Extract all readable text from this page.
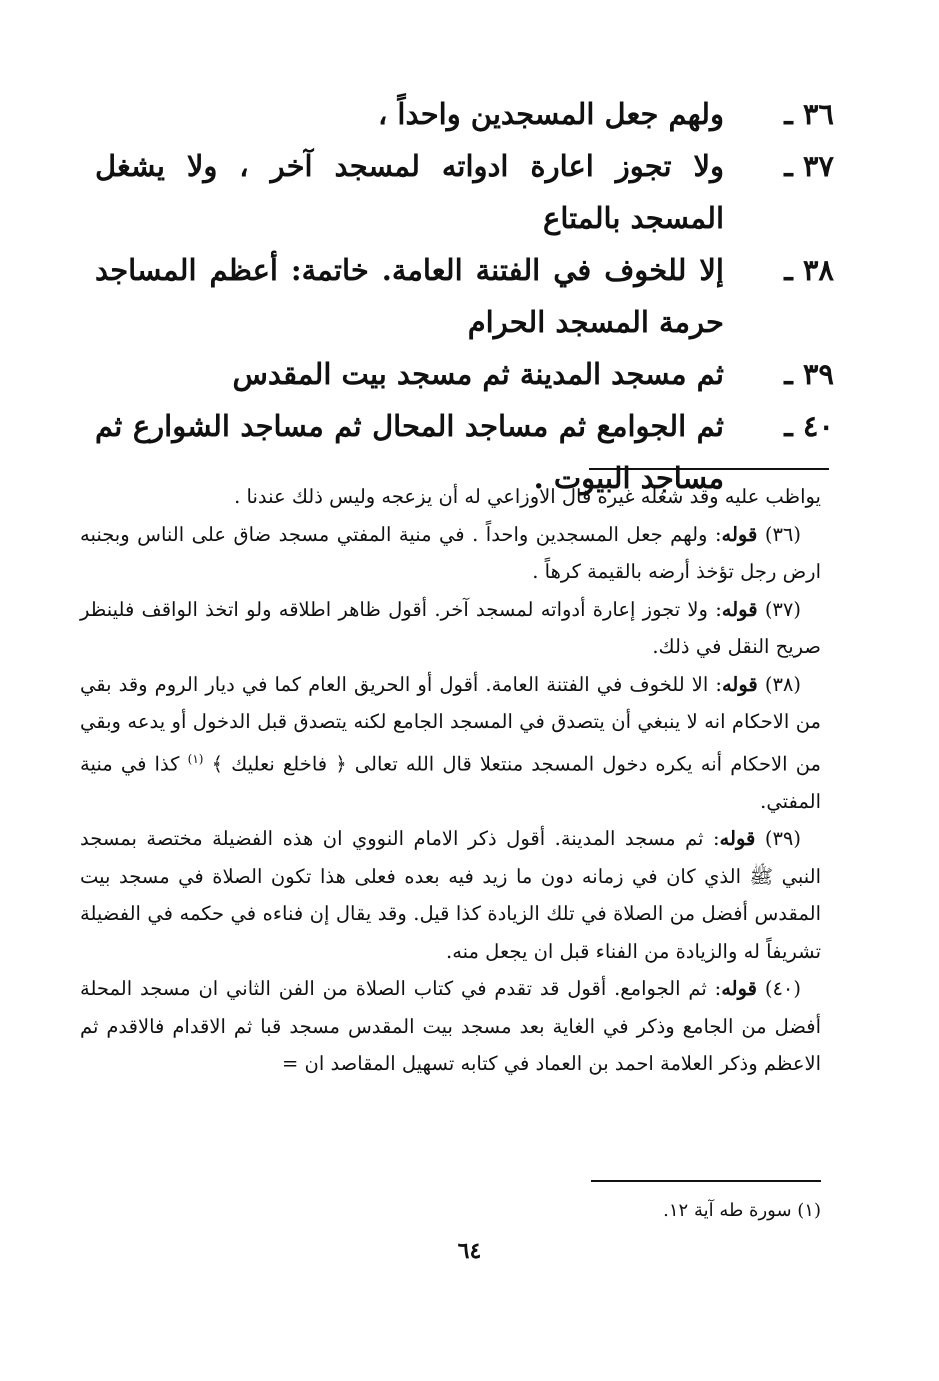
٣٦ ـ
ولهم جعل المسجدين واحداً ،
٣٧ ـ
ولا تجوز اعارة ادواته لمسجد آخر ، ولا يشغل المسجد بالمتاع
٣٨ ـ
إلا للخوف في الفتنة العامة. خاتمة: أعظم المساجد حرمة المسجد الحرام
٣٩ ـ
ثم مسجد المدينة ثم مسجد بيت المقدس
٤٠ ـ
ثم الجوامع ثم مساجد المحال ثم مساجد الشوارع ثم مساجد البيوت .

يواظب عليه وقد شغله غيره قال الاوزاعي له أن يزعجه وليس ذلك عندنا .

(٣٦) قوله: ولهم جعل المسجدين واحداً . في منية المفتي مسجد ضاق على الناس وبجنبه ارض رجل تؤخذ أرضه بالقيمة كرهاً .

(٣٧) قوله: ولا تجوز إعارة أدواته لمسجد آخر. أقول ظاهر اطلاقه ولو اتخذ الواقف فلينظر صريح النقل في ذلك.

(٣٨) قوله: الا للخوف في الفتنة العامة. أقول أو الحريق العام كما في ديار الروم وقد بقي من الاحكام انه لا ينبغي أن يتصدق في المسجد الجامع لكنه يتصدق قبل الدخول أو يدعه وبقي من الاحكام أنه يكره دخول المسجد منتعلا قال الله تعالى ﴿ فاخلع نعليك ﴾ $^{(١)}$ كذا في منية المفتي.

(٣٩) قوله: ثم مسجد المدينة. أقول ذكر الامام النووي ان هذه الفضيلة مختصة بمسجد النبي ﷺ الذي كان في زمانه دون ما زيد فيه بعده فعلى هذا تكون الصلاة في مسجد بيت المقدس أفضل من الصلاة في تلك الزيادة كذا قيل. وقد يقال إن فناءه في حكمه في الفضيلة تشريفاً له والزيادة من الفناء قبل ان يجعل منه.

(٤٠) قوله: ثم الجوامع. أقول قد تقدم في كتاب الصلاة من الفن الثاني ان مسجد المحلة أفضل من الجامع وذكر في الغاية بعد مسجد بيت المقدس مسجد قبا ثم الاقدام فالاقدم ثم الاعظم وذكر العلامة احمد بن العماد في كتابه تسهيل المقاصد ان =

(١) سورة طه آية ١٢.
٦٤
